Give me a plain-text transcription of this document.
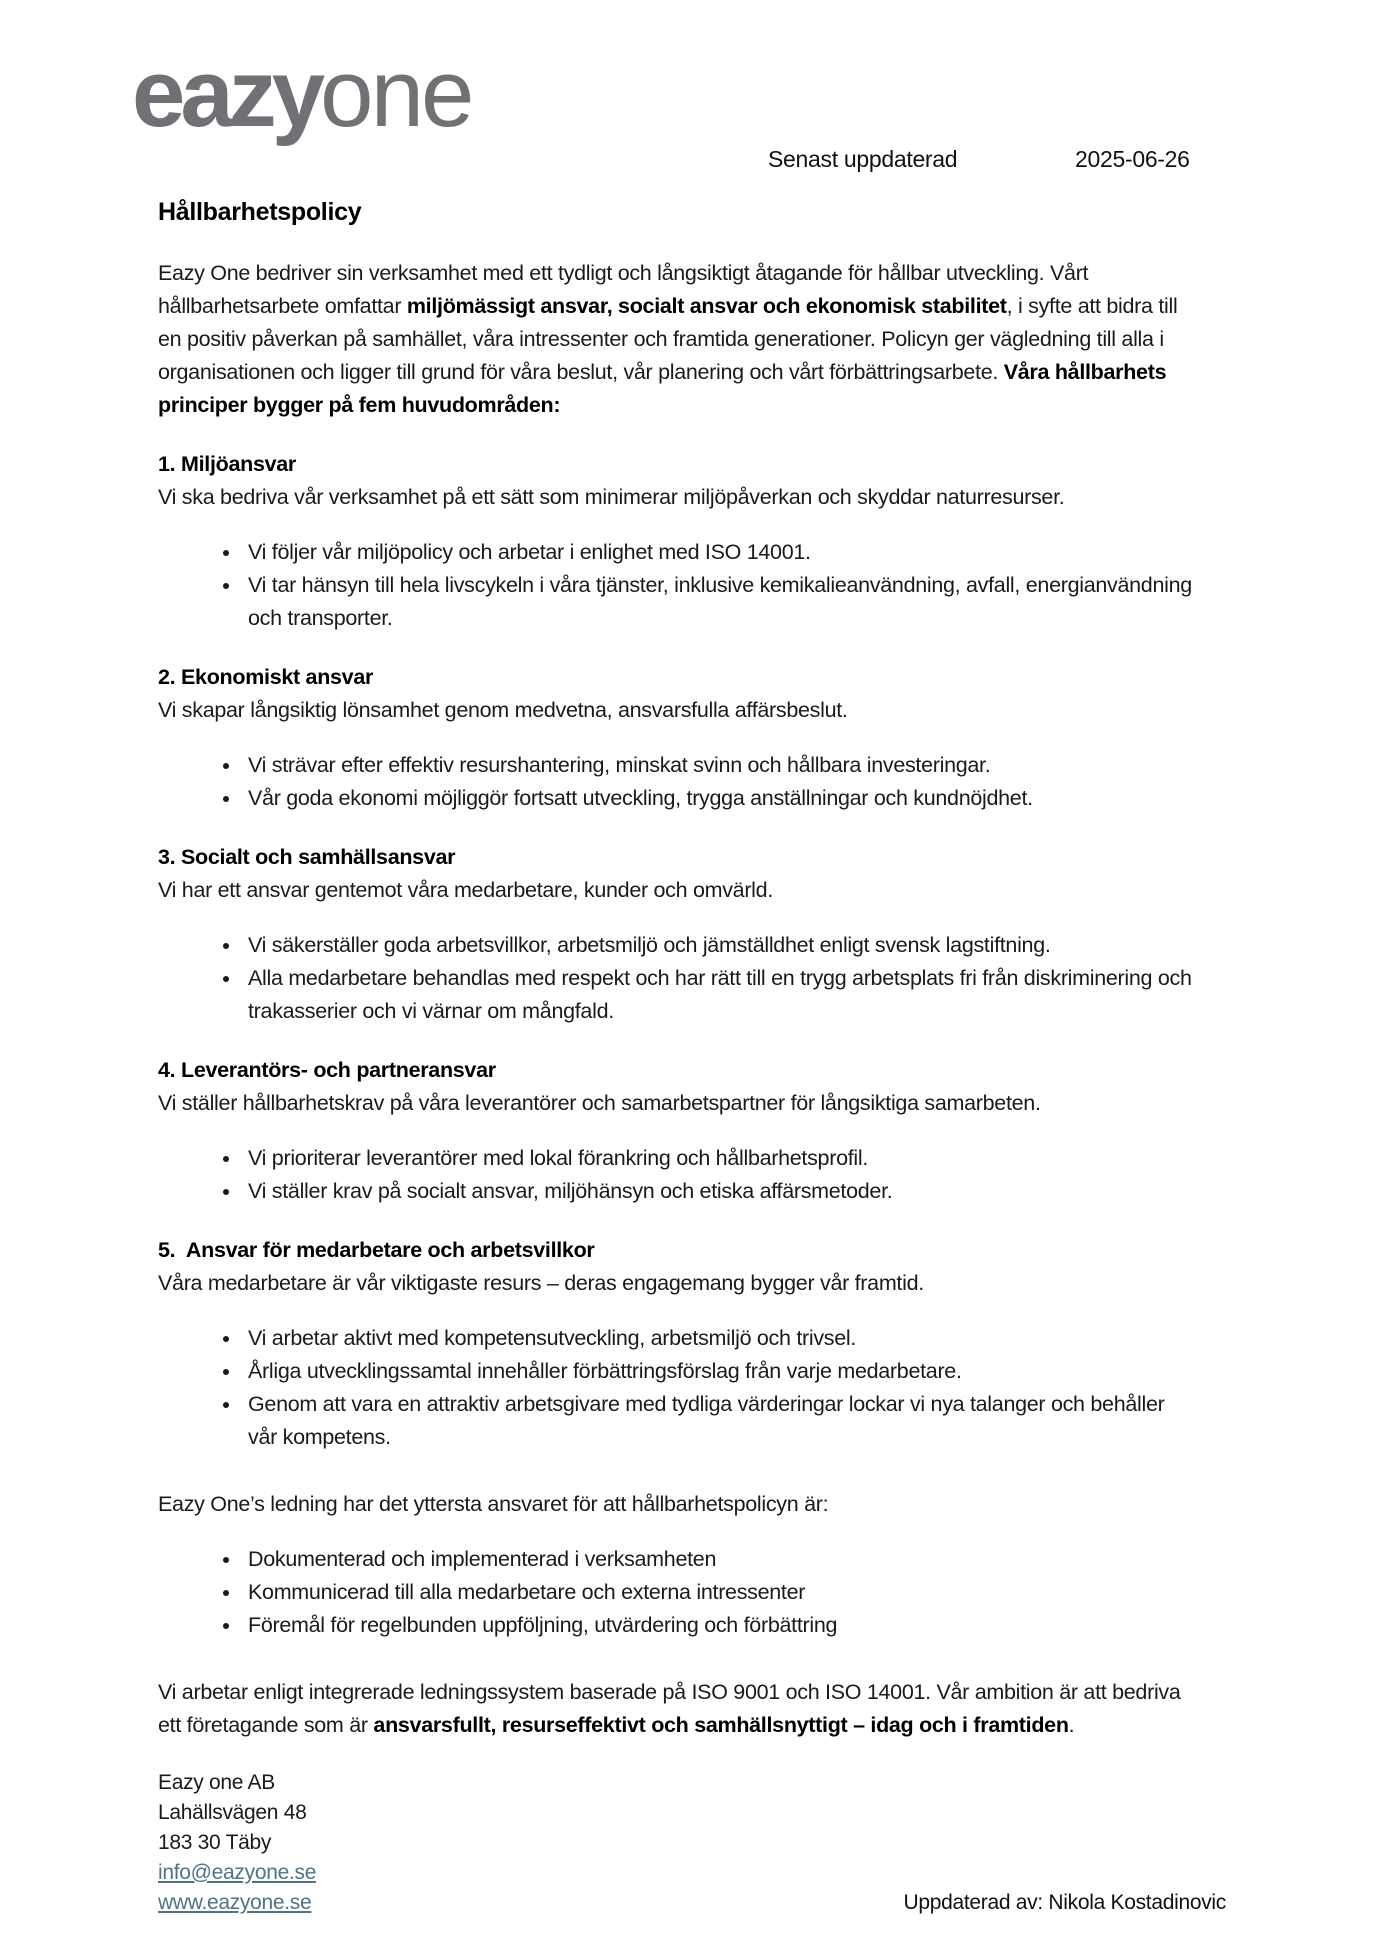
eazyone
Senast uppdaterad	2025-06-26
Hållbarhetspolicy

Eazy One bedriver sin verksamhet med ett tydligt och långsiktigt åtagande för hållbar utveckling. Vårt hållbarhetsarbete omfattar miljömässigt ansvar, socialt ansvar och ekonomisk stabilitet, i syfte att bidra till en positiv påverkan på samhället, våra intressenter och framtida generationer. Policyn ger vägledning till alla i organisationen och ligger till grund för våra beslut, vår planering och vårt förbättringsarbete. Våra hållbarhets principer bygger på fem huvudområden:

1. Miljöansvar

Vi ska bedriva vår verksamhet på ett sätt som minimerar miljöpåverkan och skyddar naturresurser.

• Vi följer vår miljöpolicy och arbetar i enlighet med ISO 14001.
• Vi tar hänsyn till hela livscykeln i våra tjänster, inklusive kemikalieanvändning, avfall, energianvändning och transporter.
2. Ekonomiskt ansvar

Vi skapar långsiktig lönsamhet genom medvetna, ansvarsfulla affärsbeslut.

• Vi strävar efter effektiv resurshantering, minskat svinn och hållbara investeringar.
• Vår goda ekonomi möjliggör fortsatt utveckling, trygga anställningar och kundnöjdhet.
3. Socialt och samhällsansvar

Vi har ett ansvar gentemot våra medarbetare, kunder och omvärld.

• Vi säkerställer goda arbetsvillkor, arbetsmiljö och jämställdhet enligt svensk lagstiftning.
• Alla medarbetare behandlas med respekt och har rätt till en trygg arbetsplats fri från diskriminering och trakasserier och vi värnar om mångfald.
4. Leverantörs- och partneransvar

Vi ställer hållbarhetskrav på våra leverantörer och samarbetspartner för långsiktiga samarbeten.

• Vi prioriterar leverantörer med lokal förankring och hållbarhetsprofil.
• Vi ställer krav på socialt ansvar, miljöhänsyn och etiska affärsmetoder.
5.  Ansvar för medarbetare och arbetsvillkor

Våra medarbetare är vår viktigaste resurs – deras engagemang bygger vår framtid.

• Vi arbetar aktivt med kompetensutveckling, arbetsmiljö och trivsel.
• Årliga utvecklingssamtal innehåller förbättringsförslag från varje medarbetare.
• Genom att vara en attraktiv arbetsgivare med tydliga värderingar lockar vi nya talanger och behåller vår kompetens.

Eazy One’s ledning har det yttersta ansvaret för att hållbarhetspolicyn är:

• Dokumenterad och implementerad i verksamheten
• Kommunicerad till alla medarbetare och externa intressenter
• Föremål för regelbunden uppföljning, utvärdering och förbättring

Vi arbetar enligt integrerade ledningssystem baserade på ISO 9001 och ISO 14001. Vår ambition är att bedriva ett företagande som är ansvarsfullt, resurseffektivt och samhällsnyttigt – idag och i framtiden.

Eazy one AB
Lahällsvägen 48
183 30 Täby
info@eazyone.se
www.eazyone.se	Uppdaterad av: Nikola Kostadinovic
